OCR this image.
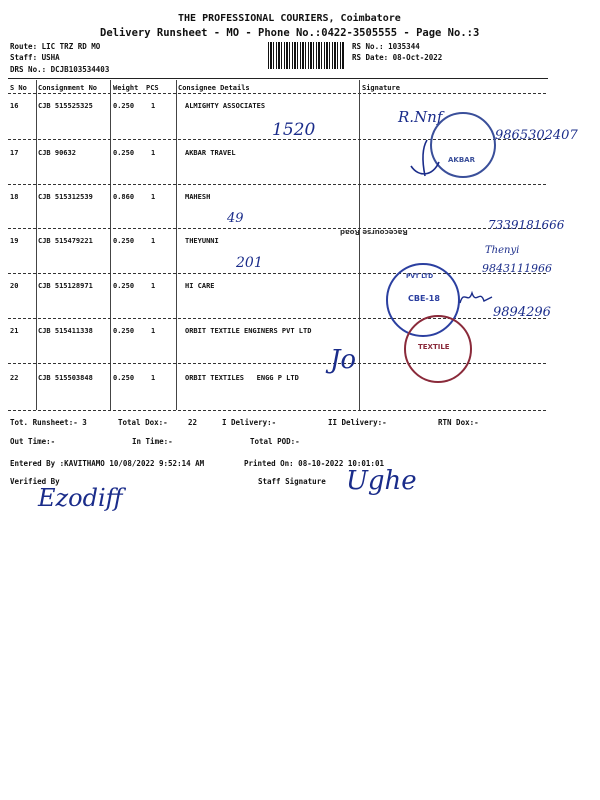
THE PROFESSIONAL COURIERS, Coimbatore
Delivery Runsheet - MO - Phone No.:0422-3505555 - Page No.:3
Route: LIC TRZ RD MO
Staff: USHA
DRS No.: DCJB103534403
RS No.: 1035344
RS Date: 08-Oct-2022
S No Consignment No Weight PCS	Consignee Details	Signature
16	CJB 515525325	0.250 1	ALMIGHTY ASSOCIATES
17	CJB 90632	0.250 1	AKBAR TRAVEL
18	CJB 515312539	0.860 1	MAHESH
19	CJB 515479221	0.250 1	THEYUNNI
20	CJB 515128971	0.250 1	HI CARE
21	CJB 515411338	0.250 1	ORBIT TEXTILE ENGINERS PVT LTD
22	CJB 515503848	0.250 1	ORBIT TEXTILES   ENGG P LTD
1520
49
201
Jo
R.Nnf
9865302407
7339181666
Thenyi
9843111966
9894296
AKBAR
CBE-18
PVT LTD
TEXTILE
Racecourse Road
Tot. Runsheet:- 3	Total Dox:-	22	I Delivery:-	II Delivery:-	RTN Dox:-
Out Time:-	In Time:-	Total POD:-
Entered By :KAVITHAMO 10/08/2022 9:52:14 AM	Printed On: 08-10-2022 10:01:01
Verified By	Staff Signature
Ezodiff
Ughe
